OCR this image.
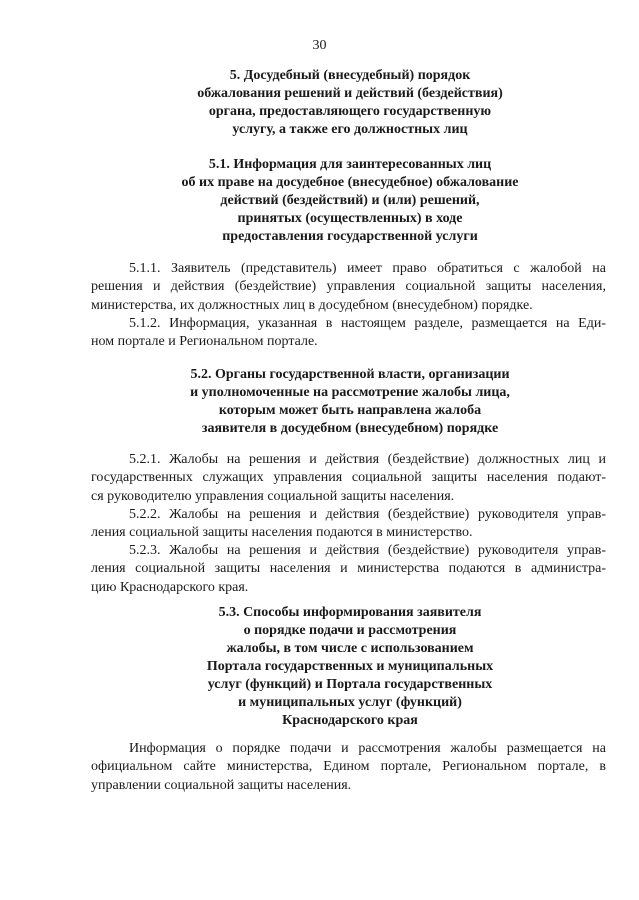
30
5. Досудебный (внесудебный) порядок
обжалования решений и действий (бездействия)
органа, предоставляющего государственную
услугу, а также его должностных лиц
5.1. Информация для заинтересованных лиц
об их праве на досудебное (внесудебное) обжалование
действий (бездействий) и (или) решений,
принятых (осуществленных) в ходе
предоставления государственной услуги
5.1.1. Заявитель (представитель) имеет право обратиться с жалобой на
решения и действия (бездействие) управления социальной защиты населения,
министерства, их должностных лиц в досудебном (внесудебном) порядке.
5.1.2. Информация, указанная в настоящем разделе, размещается на Еди-
ном портале и Региональном портале.
5.2. Органы государственной власти, организации
и уполномоченные на рассмотрение жалобы лица,
которым может быть направлена жалоба
заявителя в досудебном (внесудебном) порядке
5.2.1. Жалобы на решения и действия (бездействие) должностных лиц и
государственных служащих управления социальной защиты населения подают-
ся руководителю управления социальной защиты населения.
5.2.2. Жалобы на решения и действия (бездействие) руководителя управ-
ления социальной защиты населения подаются в министерство.
5.2.3. Жалобы на решения и действия (бездействие) руководителя управ-
ления социальной защиты населения и министерства подаются в администра-
цию Краснодарского края.
5.3. Способы информирования заявителя
о порядке подачи и рассмотрения
жалобы, в том числе с использованием
Портала государственных и муниципальных
услуг (функций) и Портала государственных
и муниципальных услуг (функций)
Краснодарского края
Информация о порядке подачи и рассмотрения жалобы размещается на
официальном сайте министерства, Едином портале, Региональном портале, в
управлении социальной защиты населения.
